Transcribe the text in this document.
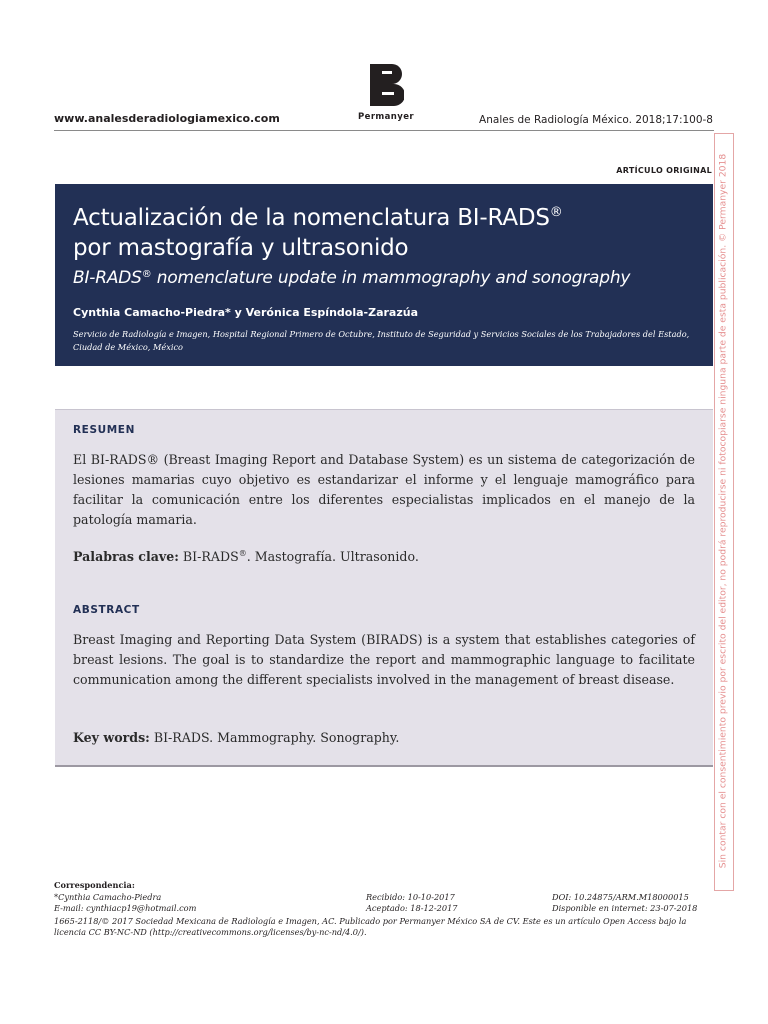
www.analesderadiologiamexico.com	Permanyer	Anales de Radiología México. 2018;17:100-8
ARTÍCULO ORIGINAL
Actualización de la nomenclatura BI-RADS®
por mastografía y ultrasonido
BI-RADS® nomenclature update in mammography and sonography
Cynthia Camacho-Piedra* y Verónica Espíndola-Zarazúa
Servicio de Radiología e Imagen, Hospital Regional Primero de Octubre, Instituto de Seguridad y Servicios Sociales de los Trabajadores del Estado, Ciudad de México, México
RESUMEN
El BI-RADS® (Breast Imaging Report and Database System) es un sistema de categorización de lesiones mamarias cuyo objetivo es estandarizar el informe y el lenguaje mamográfico para facilitar la comunicación entre los diferentes especialistas implicados en el manejo de la patología mamaria.
Palabras clave: BI-RADS®. Mastografía. Ultrasonido.
ABSTRACT
Breast Imaging and Reporting Data System (BIRADS) is a system that establishes categories of breast lesions. The goal is to standardize the report and mammographic language to facilitate communication among the different specialists involved in the management of breast disease.
Key words: BI-RADS. Mammography. Sonography.	Sin contar con el consentimiento previo por escrito del editor, no podrá reproducirse ni fotocopiarse ninguna parte de esta publicación. © Permanyer 2018
Correspondencia:
*Cynthia Camacho-Piedra	Recibido: 10-10-2017	DOI: 10.24875/ARM.M18000015
E-mail: cynthiacp19@hotmail.com	Aceptado: 18-12-2017	Disponible en internet: 23-07-2018
1665-2118/© 2017 Sociedad Mexicana de Radiología e Imagen, AC. Publicado por Permanyer México SA de CV. Este es un artículo Open Access bajo la licencia CC BY-NC-ND (http://creativecommons.org/licenses/by-nc-nd/4.0/).
